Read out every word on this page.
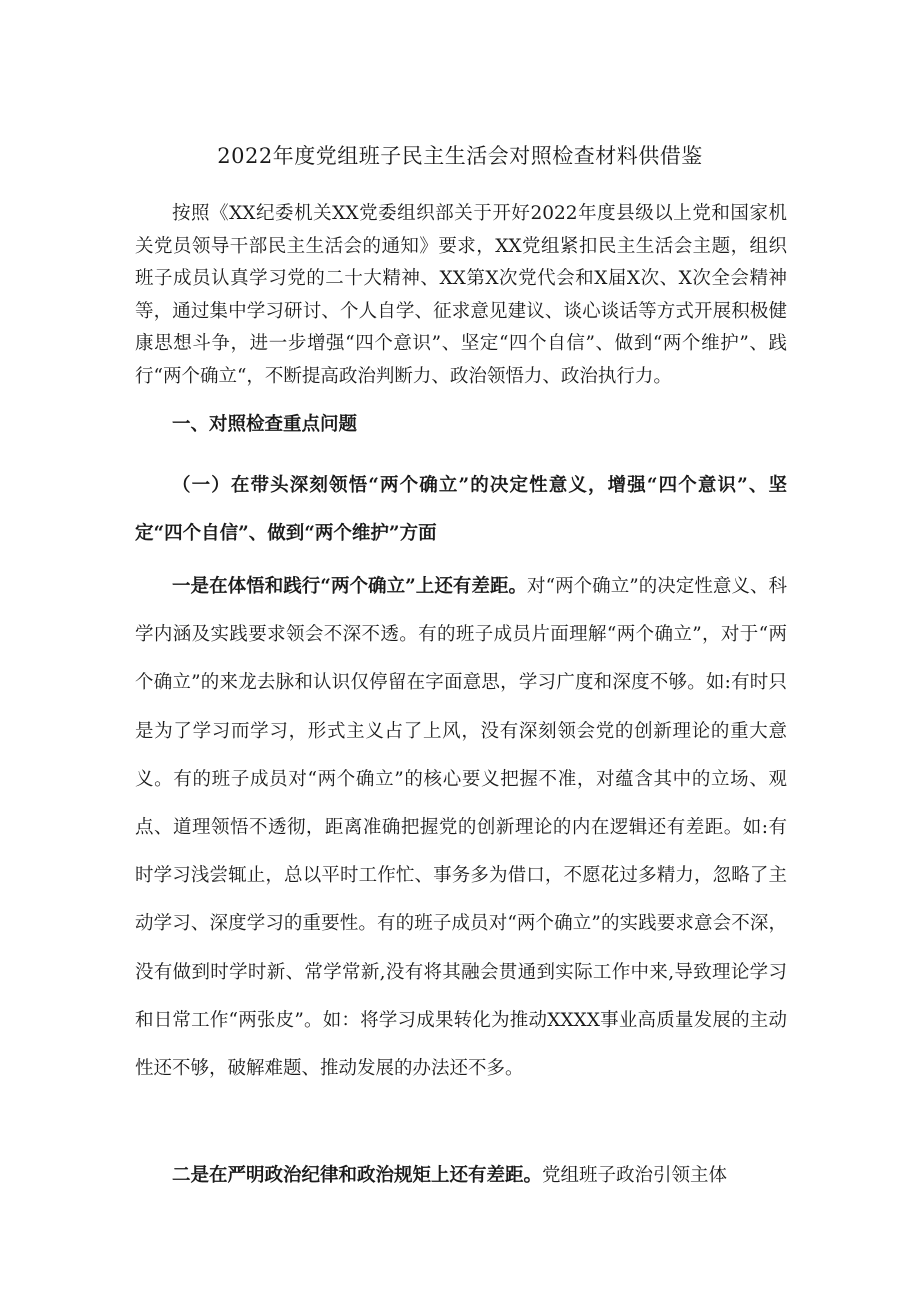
2022年度党组班子民主生活会对照检查材料供借鉴

按照《XX纪委机关XX党委组织部关于开好2022年度县级以上党和国家机关党员领导干部民主生活会的通知》要求，XX党组紧扣民主生活会主题，组织班子成员认真学习党的二十大精神、XX第X次党代会和X届X次、X次全会精神等，通过集中学习研讨、个人自学、征求意见建议、谈心谈话等方式开展积极健康思想斗争，进一步增强“四个意识”、坚定“四个自信”、做到“两个维护”、践行“两个确立“，不断提高政治判断力、政治领悟力、政治执行力。

一、对照检查重点问题
（一）在带头深刻领悟“两个确立”的决定性意义，增强“四个意识”、坚定“四个自信”、做到“两个维护”方面

一是在体悟和践行“两个确立”上还有差距。对“两个确立”的决定性意义、科学内涵及实践要求领会不深不透。有的班子成员片面理解“两个确立”，对于“两个确立”的来龙去脉和认识仅停留在字面意思，学习广度和深度不够。如:有时只是为了学习而学习，形式主义占了上风，没有深刻领会党的创新理论的重大意义。有的班子成员对“两个确立”的核心要义把握不准，对蕴含其中的立场、观点、道理领悟不透彻，距离准确把握党的创新理论的内在逻辑还有差距。如:有时学习浅尝辄止，总以平时工作忙、事务多为借口，不愿花过多精力，忽略了主动学习、深度学习的重要性。有的班子成员对“两个确立”的实践要求意会不深，没有做到时学时新、常学常新,没有将其融会贯通到实际工作中来,导致理论学习和日常工作“两张皮”。如：将学习成果转化为推动XXXX事业高质量发展的主动性还不够，破解难题、推动发展的办法还不多。

二是在严明政治纪律和政治规矩上还有差距。党组班子政治引领主体
